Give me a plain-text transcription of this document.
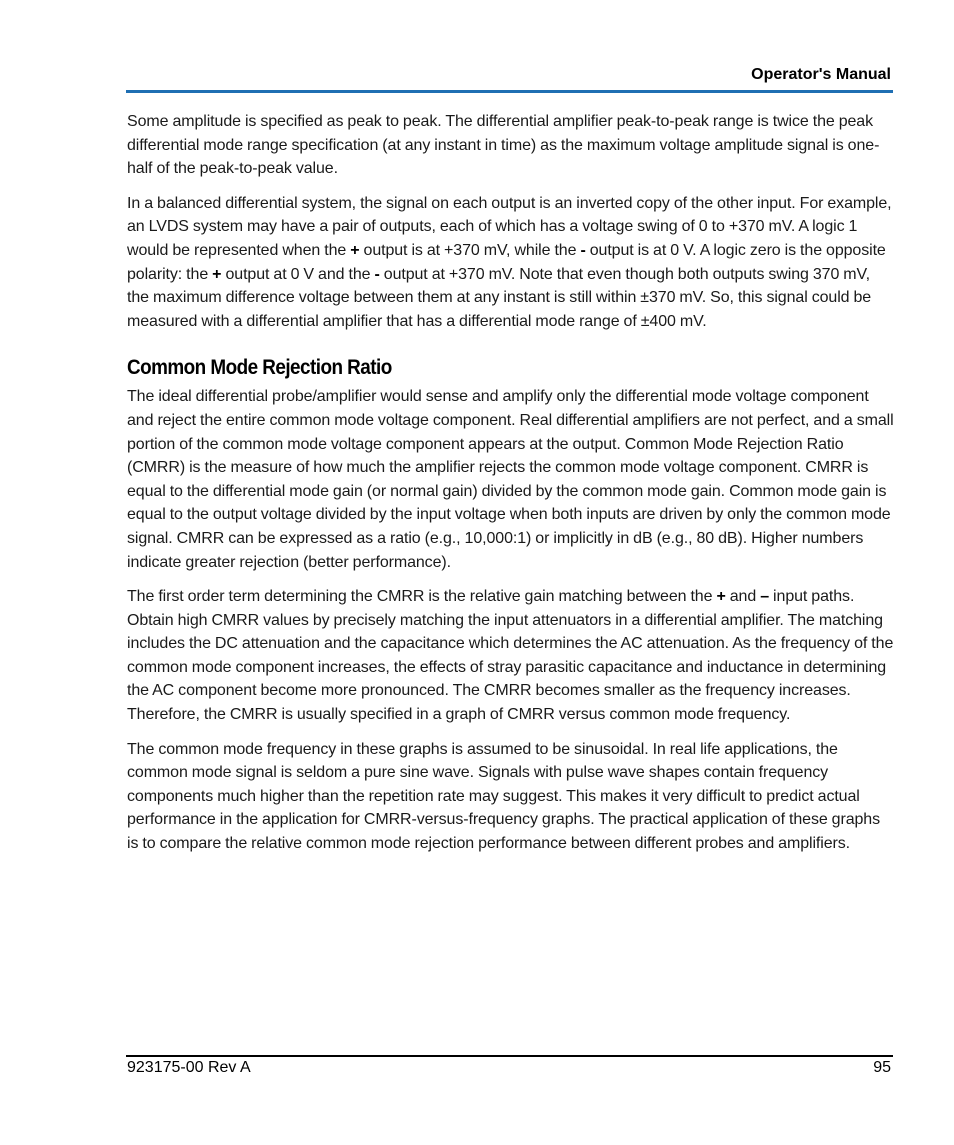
Operator's Manual

Some amplitude is specified as peak to peak. The differential amplifier peak-to-peak range is twice the peak differential mode range specification (at any instant in time) as the maximum voltage amplitude signal is one-half of the peak-to-peak value.

In a balanced differential system, the signal on each output is an inverted copy of the other input. For example, an LVDS system may have a pair of outputs, each of which has a voltage swing of 0 to +370 mV. A logic 1 would be represented when the + output is at +370 mV, while the - output is at 0 V. A logic zero is the opposite polarity: the + output at 0 V and the - output at +370 mV. Note that even though both outputs swing 370 mV, the maximum difference voltage between them at any instant is still within ±370 mV. So, this signal could be measured with a differential amplifier that has a differential mode range of ±400 mV.

Common Mode Rejection Ratio

The ideal differential probe/amplifier would sense and amplify only the differential mode voltage component and reject the entire common mode voltage component. Real differential amplifiers are not perfect, and a small portion of the common mode voltage component appears at the output. Common Mode Rejection Ratio (CMRR) is the measure of how much the amplifier rejects the common mode voltage component. CMRR is equal to the differential mode gain (or normal gain) divided by the common mode gain. Common mode gain is equal to the output voltage divided by the input voltage when both inputs are driven by only the common mode signal. CMRR can be expressed as a ratio (e.g., 10,000:1) or implicitly in dB (e.g., 80 dB). Higher numbers indicate greater rejection (better performance).

The first order term determining the CMRR is the relative gain matching between the + and – input paths. Obtain high CMRR values by precisely matching the input attenuators in a differential amplifier. The matching includes the DC attenuation and the capacitance which determines the AC attenuation. As the frequency of the common mode component increases, the effects of stray parasitic capacitance and inductance in determining the AC component become more pronounced. The CMRR becomes smaller as the frequency increases. Therefore, the CMRR is usually specified in a graph of CMRR versus common mode frequency.

The common mode frequency in these graphs is assumed to be sinusoidal. In real life applications, the common mode signal is seldom a pure sine wave. Signals with pulse wave shapes contain frequency components much higher than the repetition rate may suggest. This makes it very difficult to predict actual performance in the application for CMRR-versus-frequency graphs. The practical application of these graphs is to compare the relative common mode rejection performance between different probes and amplifiers.

923175-00 Rev A	95
